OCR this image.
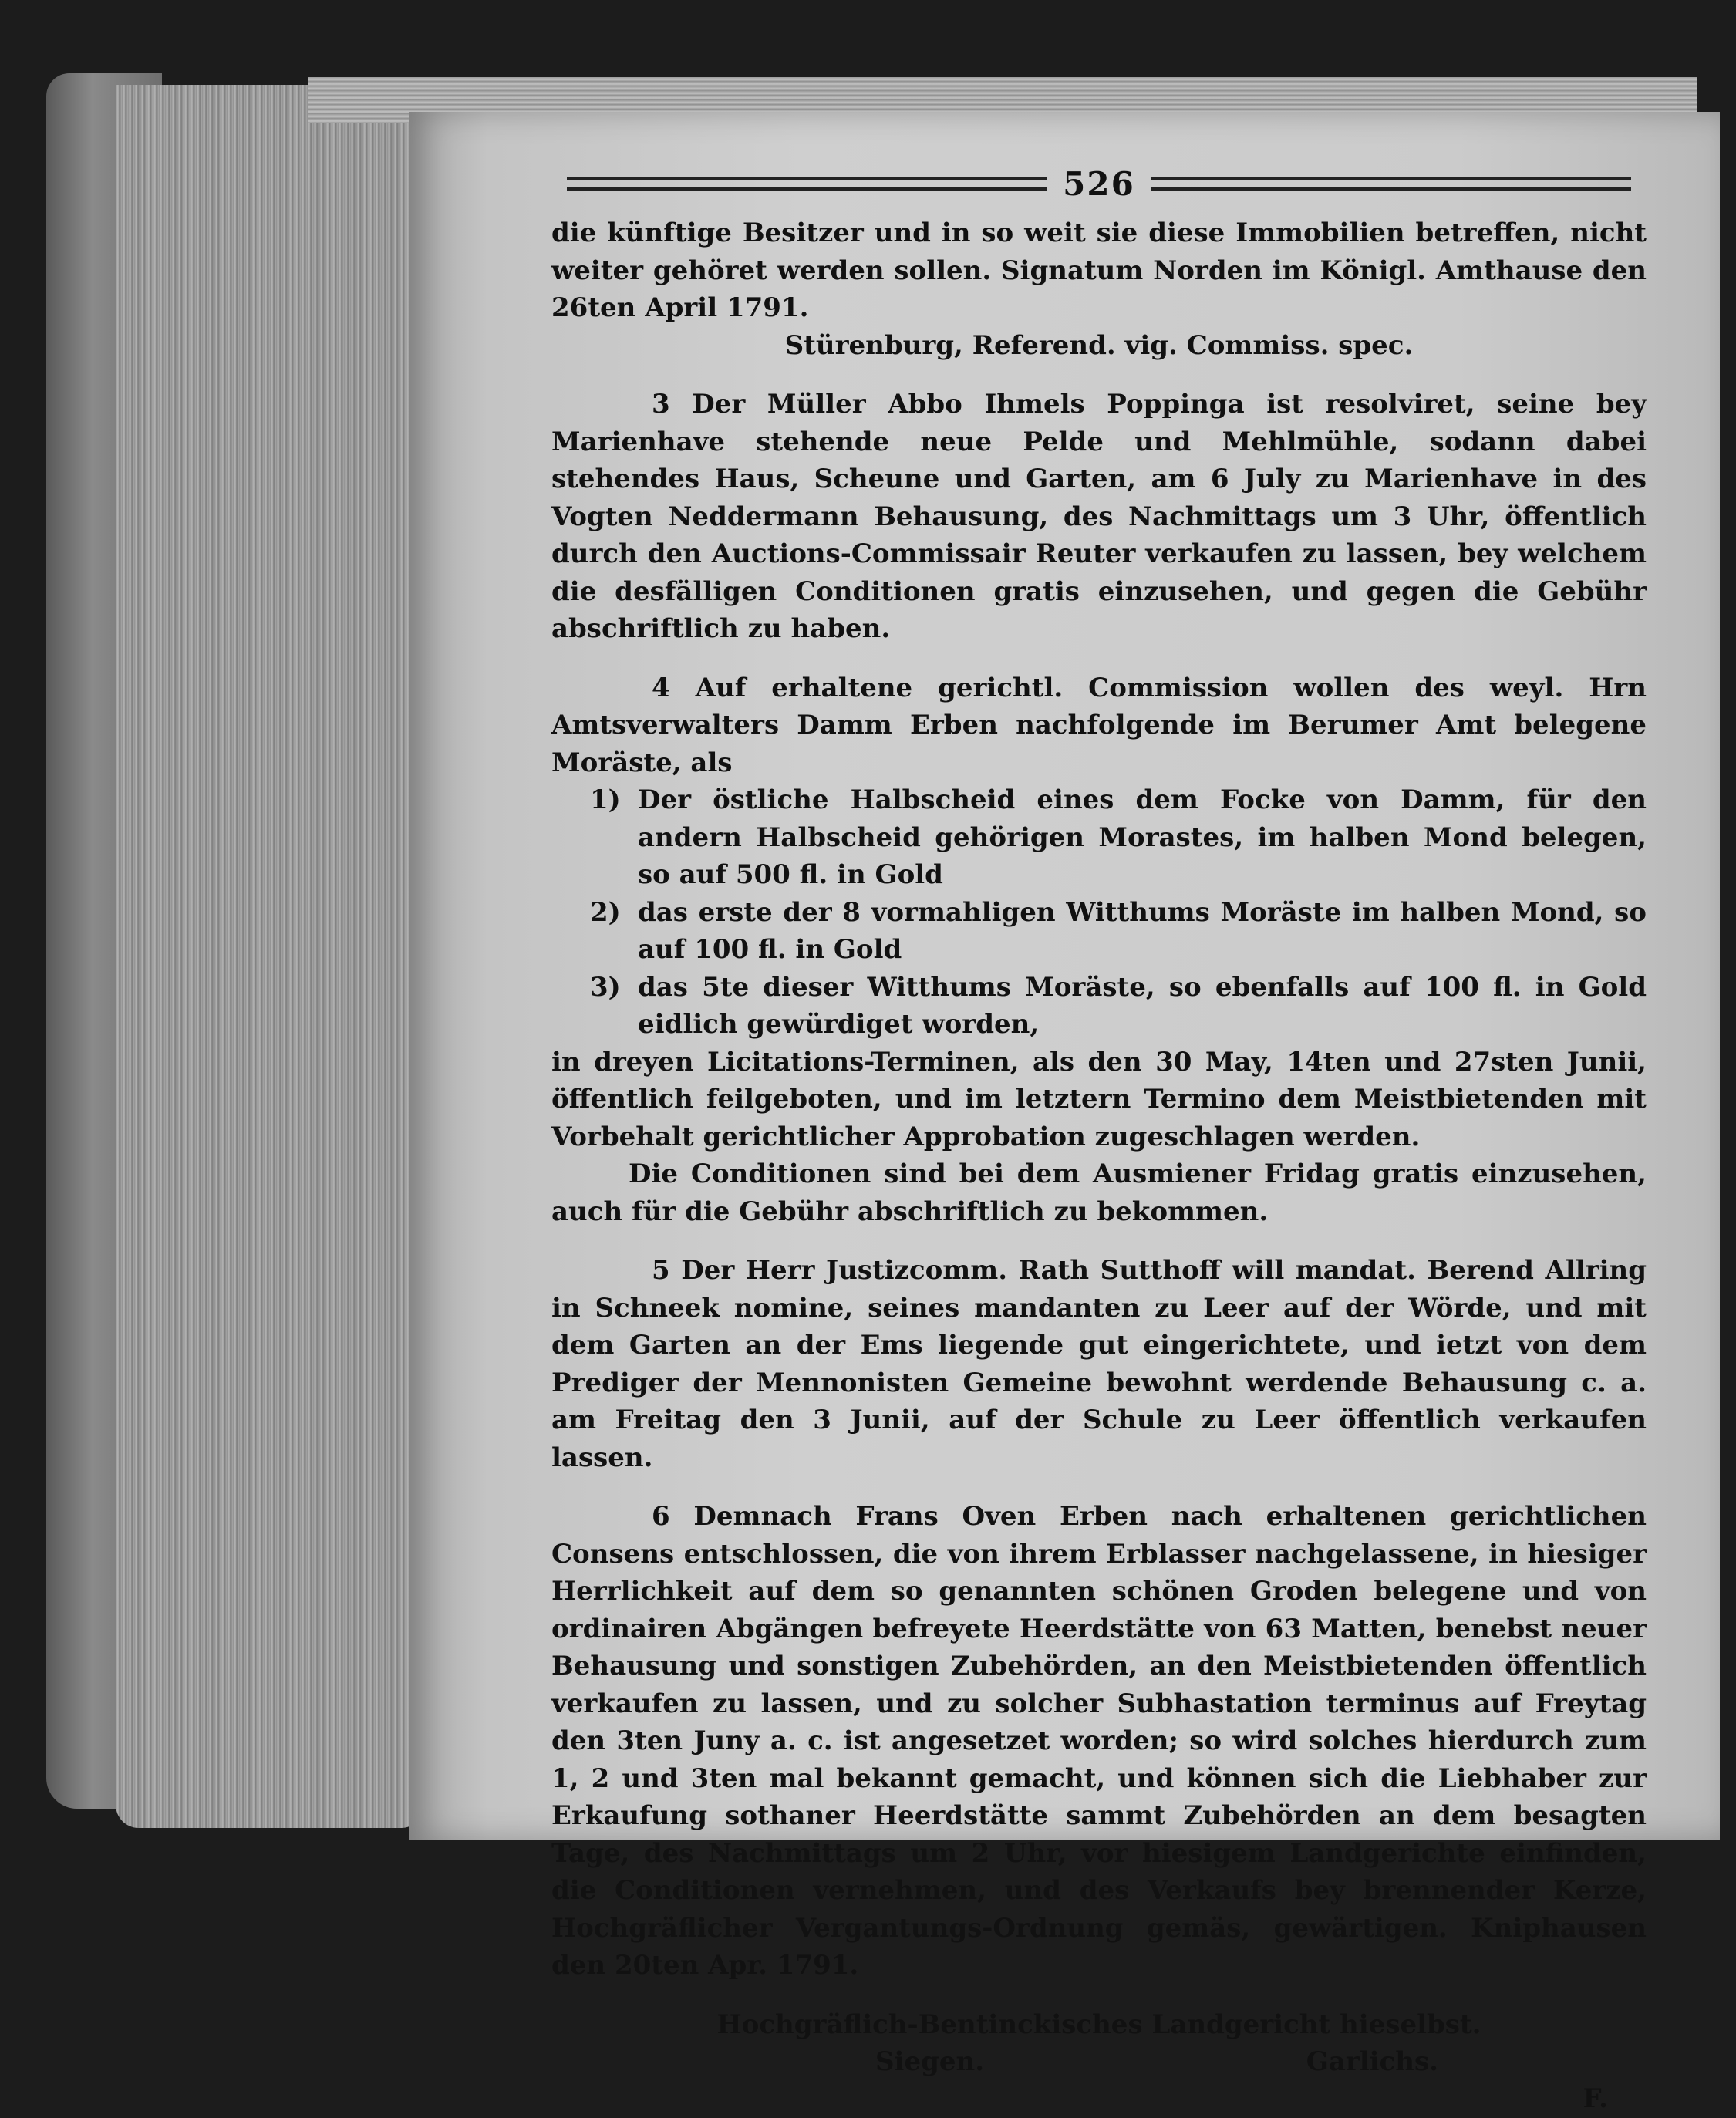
526

die künftige Besitzer und in so weit sie diese Immobilien betreffen, nicht weiter gehöret werden sollen. Signatum Norden im Königl. Amthause den 26ten April 1791.

Stürenburg, Referend. vig. Commiss. spec.

3 Der Müller Abbo Ihmels Poppinga ist resolviret, seine bey Marienhave stehende neue Pelde und Mehlmühle, sodann dabei stehendes Haus, Scheune und Garten, am 6 July zu Marienhave in des Vogten Neddermann Behausung, des Nachmittags um 3 Uhr, öffentlich durch den Auctions-Commissair Reuter verkaufen zu lassen, bey welchem die desfälligen Conditionen gratis einzusehen, und gegen die Gebühr abschriftlich zu haben.

4 Auf erhaltene gerichtl. Commission wollen des weyl. Hrn Amtsverwalters Damm Erben nachfolgende im Berumer Amt belegene Moräste, als

1) Der östliche Halbscheid eines dem Focke von Damm, für den andern Halbscheid gehörigen Morastes, im halben Mond belegen, so auf 500 fl. in Gold
2) das erste der 8 vormahligen Witthums Moräste im halben Mond, so auf 100 fl. in Gold
3) das 5te dieser Witthums Moräste, so ebenfalls auf 100 fl. in Gold eidlich gewürdiget worden,

in dreyen Licitations-Terminen, als den 30 May, 14ten und 27sten Junii, öffentlich feilgeboten, und im letztern Termino dem Meistbietenden mit Vorbehalt gerichtlicher Approbation zugeschlagen werden.

Die Conditionen sind bei dem Ausmiener Fridag gratis einzusehen, auch für die Gebühr abschriftlich zu bekommen.

5 Der Herr Justizcomm. Rath Sutthoff will mandat. Berend Allring in Schneek nomine, seines mandanten zu Leer auf der Wörde, und mit dem Garten an der Ems liegende gut eingerichtete, und ietzt von dem Prediger der Mennonisten Gemeine bewohnt werdende Behausung c. a. am Freitag den 3 Junii, auf der Schule zu Leer öffentlich verkaufen lassen.

6 Demnach Frans Oven Erben nach erhaltenen gerichtlichen Consens entschlossen, die von ihrem Erblasser nachgelassene, in hiesiger Herrlichkeit auf dem so genannten schönen Groden belegene und von ordinairen Abgängen befreyete Heerdstätte von 63 Matten, benebst neuer Behausung und sonstigen Zubehörden, an den Meistbietenden öffentlich verkaufen zu lassen, und zu solcher Subhastation terminus auf Freytag den 3ten Juny a. c. ist angesetzet worden; so wird solches hierdurch zum 1, 2 und 3ten mal bekannt gemacht, und können sich die Liebhaber zur Erkaufung sothaner Heerdstätte sammt Zubehörden an dem besagten Tage, des Nachmittags um 2 Uhr, vor hiesigem Landgerichte einfinden, die Conditionen vernehmen, und des Verkaufs bey brennender Kerze, Hochgräflicher Vergantungs-Ordnung gemäs, gewärtigen. Kniphausen den 20ten Apr. 1791.

Hochgräflich-Bentinckisches Landgericht hieselbst.

Siegen.	Garlichs.
F.
